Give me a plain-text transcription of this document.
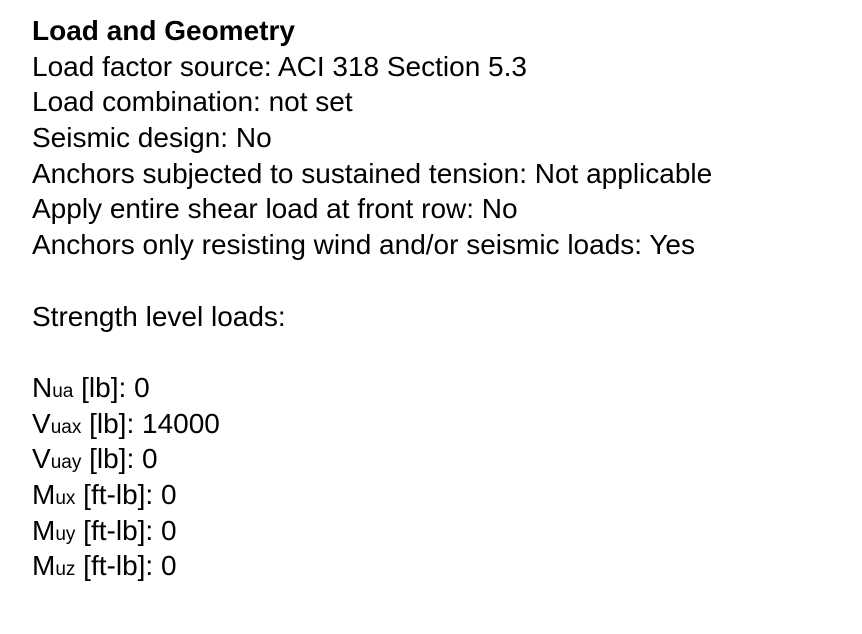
Load and Geometry
Load factor source: ACI 318 Section 5.3
Load combination: not set
Seismic design: No
Anchors subjected to sustained tension: Not applicable
Apply entire shear load at front row: No
Anchors only resisting wind and/or seismic loads: Yes
Strength level loads:
Nua [lb]: 0
Vuax [lb]: 14000
Vuay [lb]: 0
Mux [ft-lb]: 0
Muy [ft-lb]: 0
Muz [ft-lb]: 0
